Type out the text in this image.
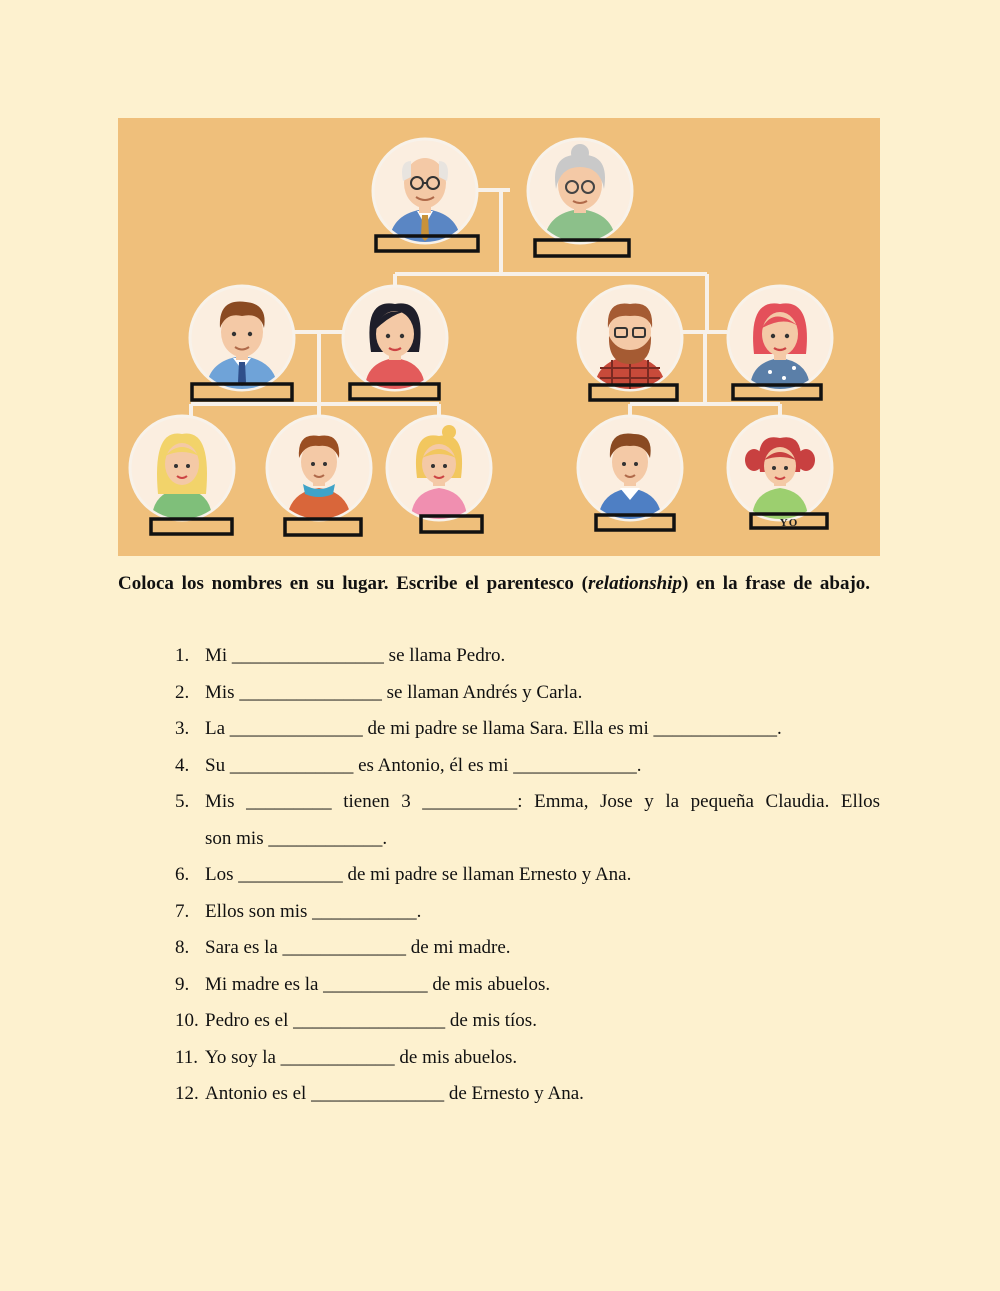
YO
Coloca los nombres en su lugar. Escribe el parentesco (relationship) en la frase de abajo.
1. Mi ________________ se llama Pedro.
2. Mis _______________ se llaman Andrés y Carla.
3. La ______________ de mi padre se llama Sara. Ella es mi _____________.
4. Su _____________ es Antonio, él es mi _____________.
5. Mis _________ tienen 3 __________: Emma, Jose y la pequeña Claudia. Ellos
son mis ____________.
6. Los ___________ de mi padre se llaman Ernesto y Ana.
7. Ellos son mis ___________.
8. Sara es la _____________ de mi madre.
9. Mi madre es la ___________ de mis abuelos.
10. Pedro es el ________________ de mis tíos.
11. Yo soy la ____________ de mis abuelos.
12. Antonio es el ______________ de Ernesto y Ana.
